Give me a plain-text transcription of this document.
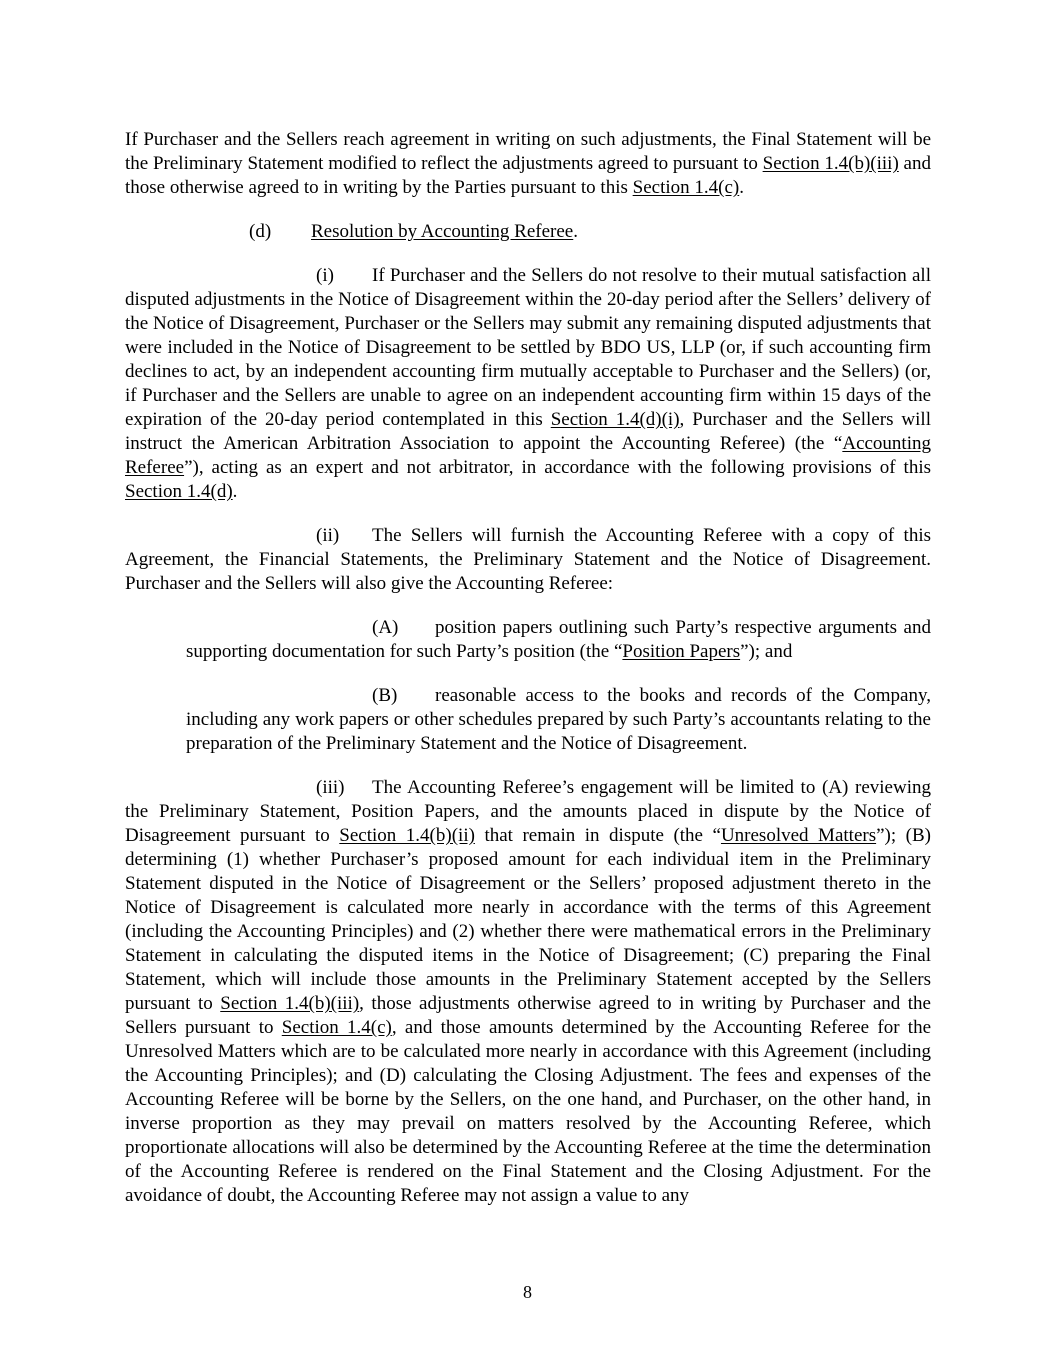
If Purchaser and the Sellers reach agreement in writing on such adjustments, the Final Statement will be the Preliminary Statement modified to reflect the adjustments agreed to pursuant to Section 1.4(b)(iii) and those otherwise agreed to in writing by the Parties pursuant to this Section 1.4(c).

(d) Resolution by Accounting Referee.

(i) If Purchaser and the Sellers do not resolve to their mutual satisfaction all disputed adjustments in the Notice of Disagreement within the 20-day period after the Sellers’ delivery of the Notice of Disagreement, Purchaser or the Sellers may submit any remaining disputed adjustments that were included in the Notice of Disagreement to be settled by BDO US, LLP (or, if such accounting firm declines to act, by an independent accounting firm mutually acceptable to Purchaser and the Sellers) (or, if Purchaser and the Sellers are unable to agree on an independent accounting firm within 15 days of the expiration of the 20-day period contemplated in this Section 1.4(d)(i), Purchaser and the Sellers will instruct the American Arbitration Association to appoint the Accounting Referee) (the “Accounting Referee”), acting as an expert and not arbitrator, in accordance with the following provisions of this Section 1.4(d).

(ii) The Sellers will furnish the Accounting Referee with a copy of this Agreement, the Financial Statements, the Preliminary Statement and the Notice of Disagreement. Purchaser and the Sellers will also give the Accounting Referee:

(A) position papers outlining such Party’s respective arguments and supporting documentation for such Party’s position (the “Position Papers”); and

(B) reasonable access to the books and records of the Company, including any work papers or other schedules prepared by such Party’s accountants relating to the preparation of the Preliminary Statement and the Notice of Disagreement.

(iii) The Accounting Referee’s engagement will be limited to (A) reviewing the Preliminary Statement, Position Papers, and the amounts placed in dispute by the Notice of Disagreement pursuant to Section 1.4(b)(ii) that remain in dispute (the “Unresolved Matters”); (B) determining (1) whether Purchaser’s proposed amount for each individual item in the Preliminary Statement disputed in the Notice of Disagreement or the Sellers’ proposed adjustment thereto in the Notice of Disagreement is calculated more nearly in accordance with the terms of this Agreement (including the Accounting Principles) and (2) whether there were mathematical errors in the Preliminary Statement in calculating the disputed items in the Notice of Disagreement; (C) preparing the Final Statement, which will include those amounts in the Preliminary Statement accepted by the Sellers pursuant to Section 1.4(b)(iii), those adjustments otherwise agreed to in writing by Purchaser and the Sellers pursuant to Section 1.4(c), and those amounts determined by the Accounting Referee for the Unresolved Matters which are to be calculated more nearly in accordance with this Agreement (including the Accounting Principles); and (D) calculating the Closing Adjustment. The fees and expenses of the Accounting Referee will be borne by the Sellers, on the one hand, and Purchaser, on the other hand, in inverse proportion as they may prevail on matters resolved by the Accounting Referee, which proportionate allocations will also be determined by the Accounting Referee at the time the determination of the Accounting Referee is rendered on the Final Statement and the Closing Adjustment. For the avoidance of doubt, the Accounting Referee may not assign a value to any

8
